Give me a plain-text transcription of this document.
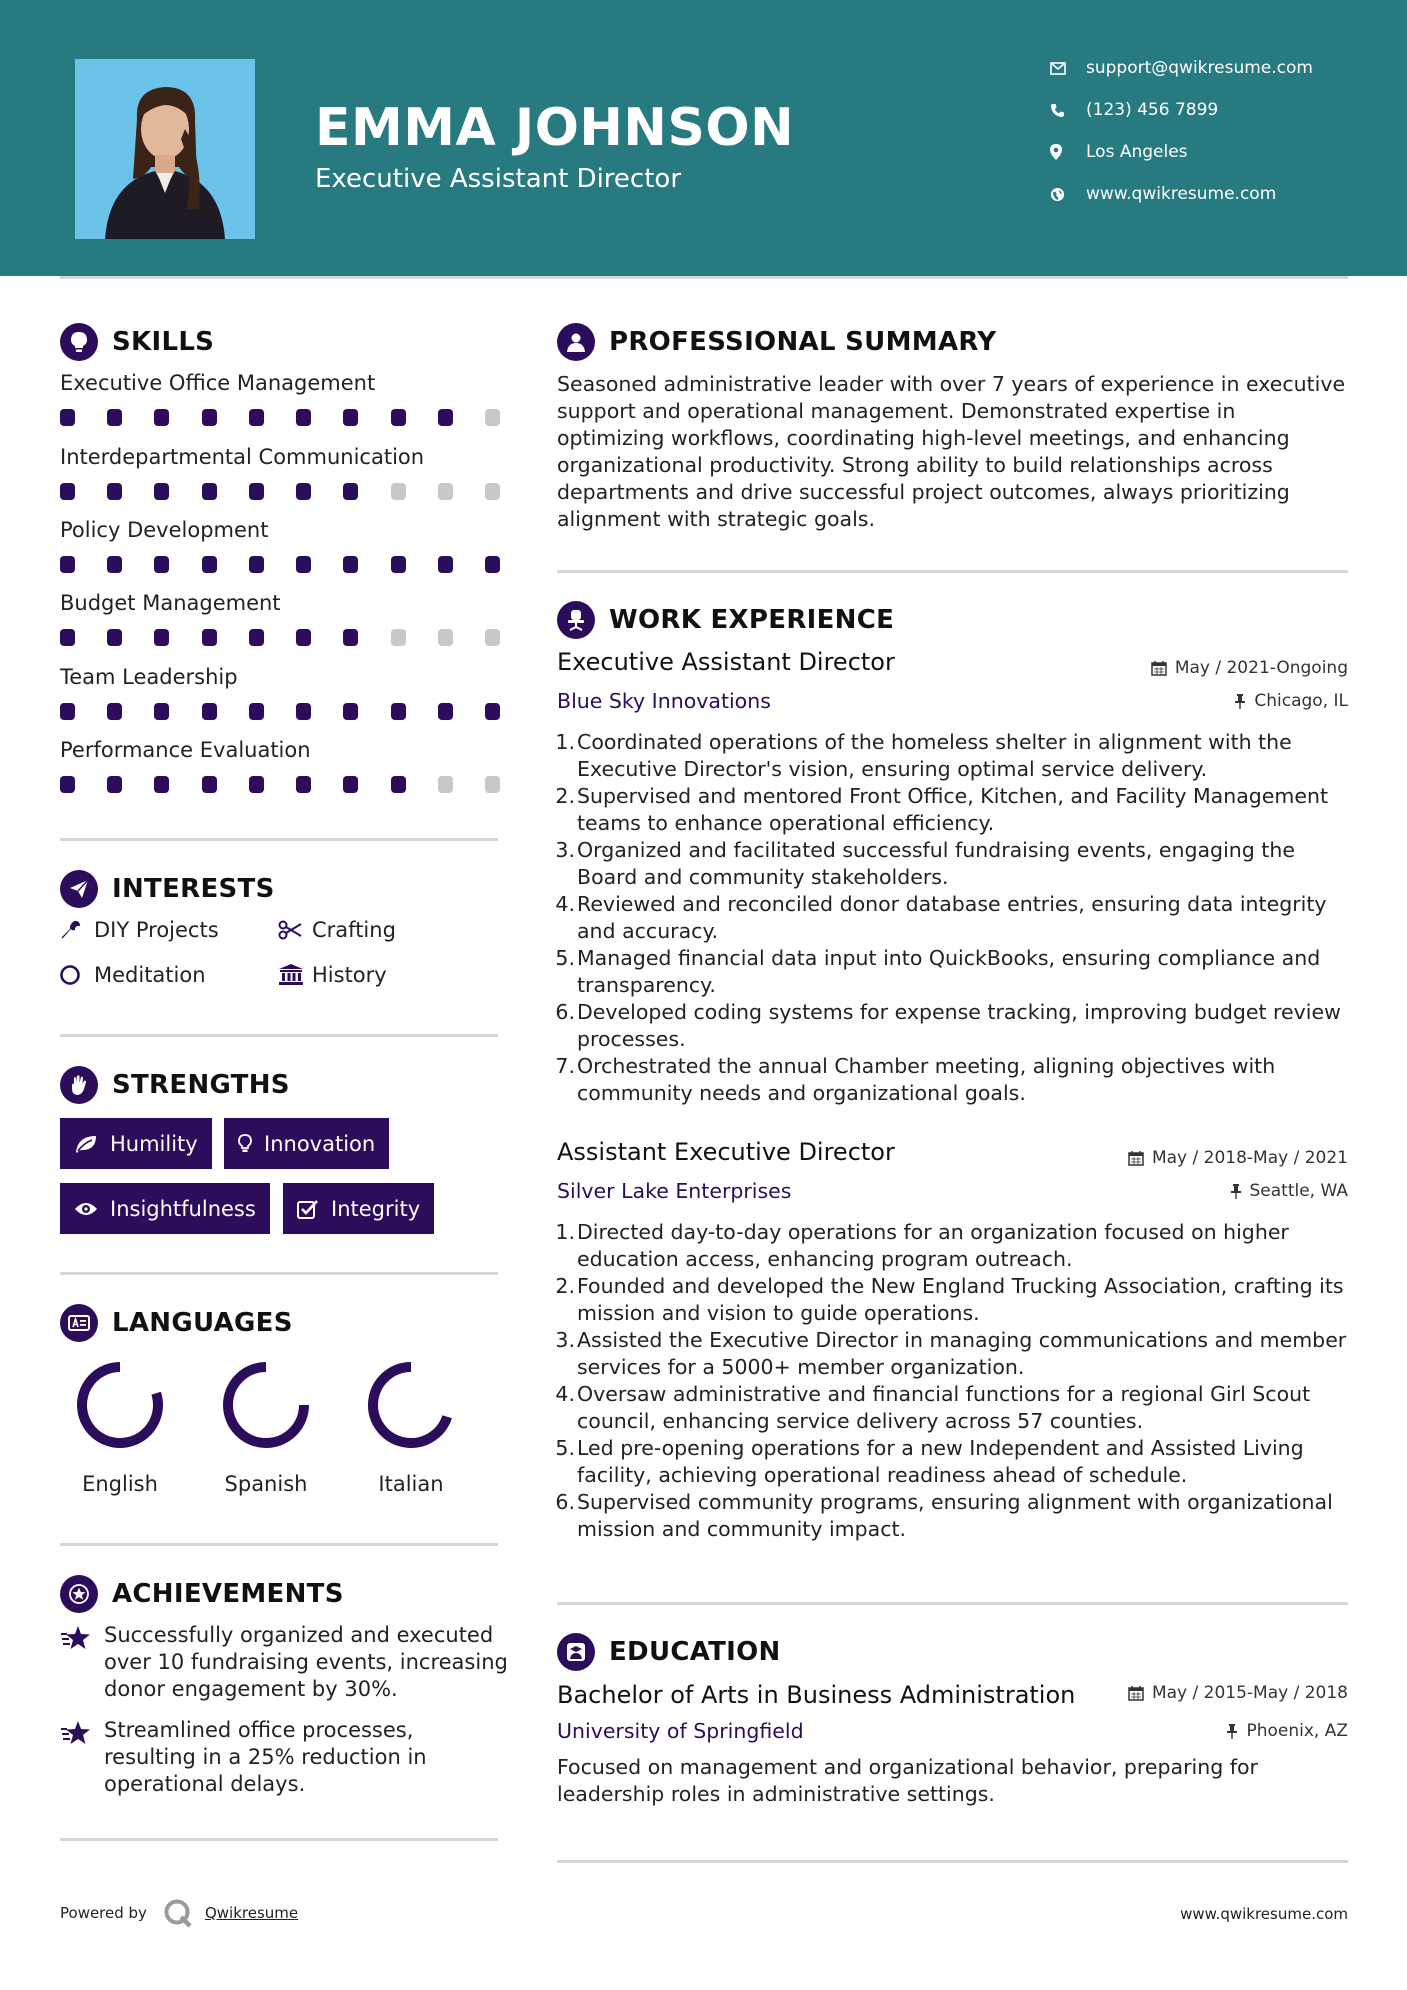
EMMA JOHNSON
Executive Assistant Director
support@qwikresume.com
(123) 456 7899
Los Angeles
www.qwikresume.com
SKILLS
Executive Office Management
Interdepartmental Communication
Policy Development
Budget Management
Team Leadership
Performance Evaluation
INTERESTS
DIY Projects	Crafting
Meditation	History
STRENGTHS
Humility	Innovation
Insightfulness	Integrity
LANGUAGES
English	Spanish	Italian
ACHIEVEMENTS
Successfully organized and executed over 10 fundraising events, increasing donor engagement by 30%.
Streamlined office processes, resulting in a 25% reduction in operational delays.
PROFESSIONAL SUMMARY
Seasoned administrative leader with over 7 years of experience in executive support and operational management. Demonstrated expertise in optimizing workflows, coordinating high-level meetings, and enhancing organizational productivity. Strong ability to build relationships across departments and drive successful project outcomes, always prioritizing alignment with strategic goals.
WORK EXPERIENCE
Executive Assistant Director	May / 2021-Ongoing
Blue Sky Innovations	Chicago, IL
1 . Coordinated operations of the homeless shelter in alignment with the Executive Director's vision, ensuring optimal service delivery.
2 . Supervised and mentored Front Office, Kitchen, and Facility Management teams to enhance operational efficiency.
3 . Organized and facilitated successful fundraising events, engaging the Board and community stakeholders.
4 . Reviewed and reconciled donor database entries, ensuring data integrity and accuracy.
5 . Managed financial data input into QuickBooks, ensuring compliance and transparency.
6 . Developed coding systems for expense tracking, improving budget review processes.
7 . Orchestrated the annual Chamber meeting, aligning objectives with community needs and organizational goals.
Assistant Executive Director	May / 2018-May / 2021
Silver Lake Enterprises	Seattle, WA
1 . Directed day-to-day operations for an organization focused on higher education access, enhancing program outreach.
2 . Founded and developed the New England Trucking Association, crafting its mission and vision to guide operations.
3 . Assisted the Executive Director in managing communications and member services for a 5000+ member organization.
4 . Oversaw administrative and financial functions for a regional Girl Scout council, enhancing service delivery across 57 counties.
5 . Led pre-opening operations for a new Independent and Assisted Living facility, achieving operational readiness ahead of schedule.
6 . Supervised community programs, ensuring alignment with organizational mission and community impact.
EDUCATION
Bachelor of Arts in Business Administration	May / 2015-May / 2018
University of Springfield	Phoenix, AZ
Focused on management and organizational behavior, preparing for leadership roles in administrative settings.
Powered by	Qwikresume	www.qwikresume.com
